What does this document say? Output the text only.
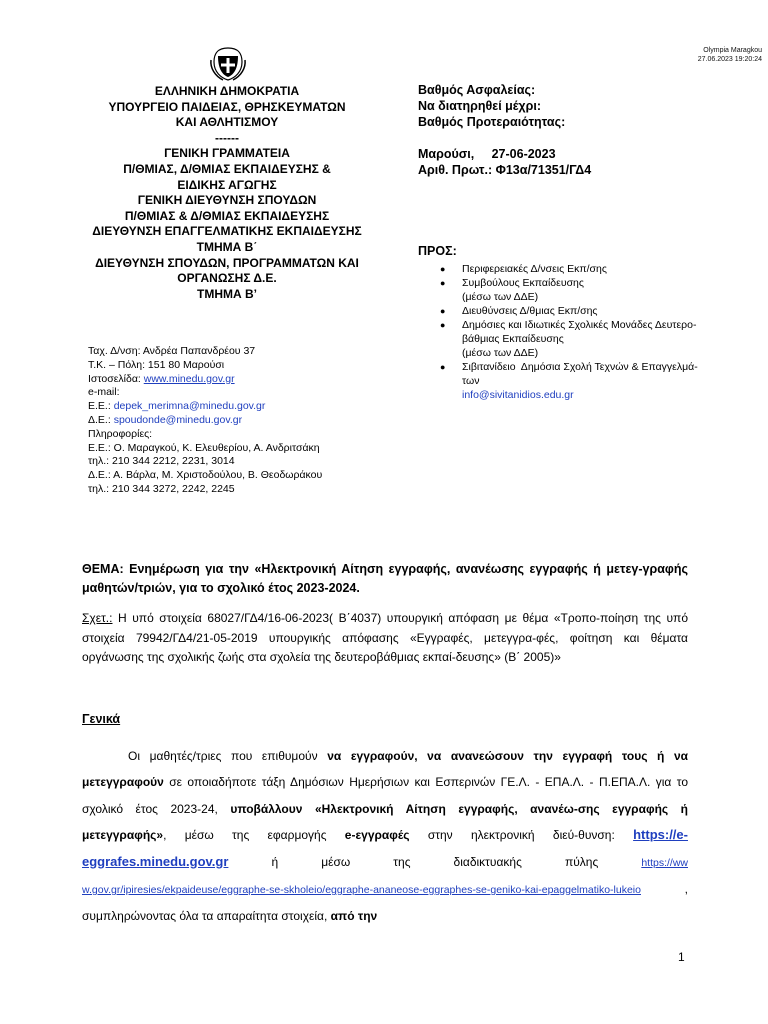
Olympia Maragkou
27.06.2023 19:20:24
ΕΛΛΗΝΙΚΗ ΔΗΜΟΚΡΑΤΙΑ
ΥΠΟΥΡΓΕΙΟ ΠΑΙΔΕΙΑΣ, ΘΡΗΣΚΕΥΜΑΤΩΝ
ΚΑΙ ΑΘΛΗΤΙΣΜΟΥ
------
ΓΕΝΙΚΗ ΓΡΑΜΜΑΤΕΙΑ
Π/ΘΜΙΑΣ, Δ/ΘΜΙΑΣ ΕΚΠΑΙΔΕΥΣΗΣ &
ΕΙΔΙΚΗΣ ΑΓΩΓΗΣ
ΓΕΝΙΚΗ ΔΙΕΥΘΥΝΣΗ ΣΠΟΥΔΩΝ
Π/ΘΜΙΑΣ & Δ/ΘΜΙΑΣ ΕΚΠΑΙΔΕΥΣΗΣ
ΔΙΕΥΘΥΝΣΗ ΕΠΑΓΓΕΛΜΑΤΙΚΗΣ ΕΚΠΑΙΔΕΥΣΗΣ
ΤΜΗΜΑ Β΄
ΔΙΕΥΘΥΝΣΗ ΣΠΟΥΔΩΝ, ΠΡΟΓΡΑΜΜΑΤΩΝ ΚΑΙ
ΟΡΓΑΝΩΣΗΣ Δ.Ε.
ΤΜΗΜΑ Β’
Βαθμός Ασφαλείας:
Να διατηρηθεί μέχρι:
Βαθμός Προτεραιότητας:
Μαρούσι,     27-06-2023
Αριθ. Πρωτ.: Φ13α/71351/ΓΔ4
ΠΡΟΣ:
● Περιφερειακές Δ/νσεις Εκπ/σης
● Συμβούλους Εκπαίδευσης
(μέσω των ΔΔΕ)
● Διευθύνσεις Δ/θμιας Εκπ/σης
● Δημόσιες και Ιδιωτικές Σχολικές Μονάδες Δευτερο-
βάθμιας Εκπαίδευσης
(μέσω των ΔΔΕ)
● Σιβιτανίδειο  Δημόσια Σχολή Τεχνών & Επαγγελμά-
των
info@sivitanidios.edu.gr
Ταχ. Δ/νση: Ανδρέα Παπανδρέου 37
Τ.Κ. – Πόλη: 151 80 Μαρούσι
Ιστοσελίδα: www.minedu.gov.gr
e-mail:
Ε.Ε.: depek_merimna@minedu.gov.gr
Δ.Ε.: spoudonde@minedu.gov.gr
Πληροφορίες:
Ε.Ε.: Ο. Μαραγκού, Κ. Ελευθερίου, Α. Ανδριτσάκη
τηλ.: 210 344 2212, 2231, 3014
Δ.Ε.: Α. Βάρλα, Μ. Χριστοδούλου, Β. Θεοδωράκου
τηλ.: 210 344 3272, 2242, 2245
ΘΕΜΑ: Ενημέρωση για την «Ηλεκτρονική Αίτηση εγγραφής, ανανέωσης εγγραφής ή μετεγ-γραφής μαθητών/τριών, για το σχολικό έτος 2023-2024.
Σχετ.: Η υπό στοιχεία 68027/ΓΔ4/16-06-2023( Β΄4037) υπουργική απόφαση με θέμα «Τροπο-ποίηση της υπό στοιχεία 79942/ΓΔ4/21-05-2019 υπουργικής απόφασης «Εγγραφές, μετεγγρα-φές, φοίτηση και θέματα οργάνωσης της σχολικής ζωής στα σχολεία της δευτεροβάθμιας εκπαί-δευσης» (Β΄ 2005)»
Γενικά

Οι μαθητές/τριες που επιθυμούν να εγγραφούν, να ανανεώσουν την εγγραφή τους ή να μετεγγραφούν σε οποιαδήποτε τάξη Δημόσιων Ημερήσιων και Εσπερινών ΓΕ.Λ. - ΕΠΑ.Λ. - Π.ΕΠΑ.Λ. για το σχολικό έτος 2023-24, υποβάλλουν «Ηλεκτρονική Αίτηση εγγραφής, ανανέω-σης εγγραφής ή μετεγγραφής», μέσω της εφαρμογής e-εγγραφές στην ηλεκτρονική διεύ-θυνση: https://e-eggrafes.minedu.gov.gr ή μέσω της διαδικτυακής πύλης https://www.gov.gr/ipiresies/ekpaideuse/eggraphe-se-skholeio/eggraphe-ananeose-eggraphes-se-geniko-kai-epaggelmatiko-lukeio , συμπληρώνοντας όλα τα απαραίτητα στοιχεία, από την

1
